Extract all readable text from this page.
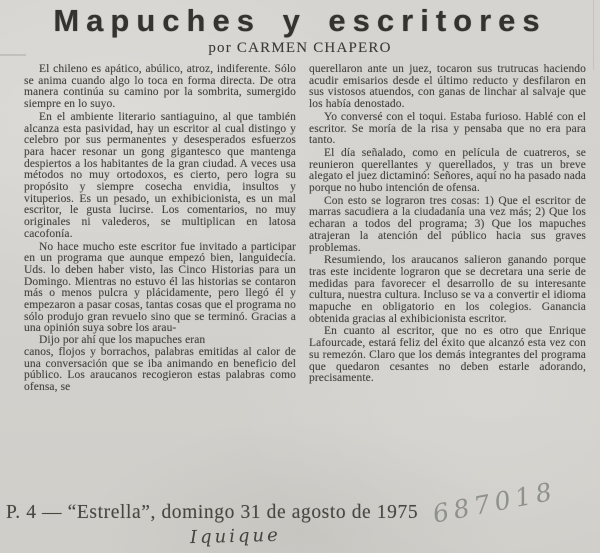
Mapuches y escritores
por CARMEN CHAPERO

El chileno es apático, abúlico, atroz, indiferente. Sólo se anima cuando algo lo toca en forma directa. De otra manera continúa su camino por la sombrita, sumergido siempre en lo suyo.

En el ambiente literario santiaguino, al que también alcanza esta pasividad, hay un escritor al cual distingo y celebro por sus permanentes y desesperados esfuerzos para hacer resonar un gong gigantesco que mantenga despiertos a los habitantes de la gran ciudad. A veces usa métodos no muy ortodoxos, es cierto, pero logra su propósito y siempre cosecha envidia, insultos y vituperios. Es un pesado, un exhibicionista, es un mal escritor, le gusta lucirse. Los comentarios, no muy originales ni valederos, se multiplican en latosa cacofonía.

No hace mucho este escritor fue invitado a participar en un programa que aunque empezó bien, languidecía. Uds. lo deben haber visto, las Cinco Historias para un Domingo. Mientras no estuvo él las historias se contaron más o menos pulcra y plácidamente, pero llegó él y empezaron a pasar cosas, tantas cosas que el programa no sólo produjo gran revuelo sino que se terminó. Gracias a una opinión suya sobre los arau-

Dijo por ahí que los mapuches eran

canos, flojos y borrachos, palabras emitidas al calor de una conversación que se iba animando en beneficio del público. Los araucanos recogieron estas palabras como ofensa, se

querellaron ante un juez, tocaron sus trutrucas haciendo acudir emisarios desde el último reducto y desfilaron en sus vistosos atuendos, con ganas de linchar al salvaje que los había denostado.

Yo conversé con el toqui. Estaba furioso. Hablé con el escritor. Se moría de la risa y pensaba que no era para tanto.

El día señalado, como en película de cuatreros, se reunieron querellantes y querellados, y tras un breve alegato el juez dictaminó: Señores, aquí no ha pasado nada porque no hubo intención de ofensa.

Con esto se lograron tres cosas: 1) Que el escritor de marras sacudiera a la ciudadanía una vez más; 2) Que los echaran a todos del programa; 3) Que los mapuches atrajeran la atención del público hacia sus graves problemas.

Resumiendo, los araucanos salieron ganando porque tras este incidente lograron que se decretara una serie de medidas para favorecer el desarrollo de su interesante cultura, nuestra cultura. Incluso se va a convertir el idioma mapuche en obligatorio en los colegios. Ganancia obtenida gracias al exhibicionista escritor.

En cuanto al escritor, que no es otro que Enrique Lafourcade, estará feliz del éxito que alcanzó esta vez con su remezón. Claro que los demás integrantes del programa que quedaron cesantes no deben estarle adorando, precisamente.

P. 4 — “Estrella”, domingo 31 de agosto de 1975
Iquique
687018
